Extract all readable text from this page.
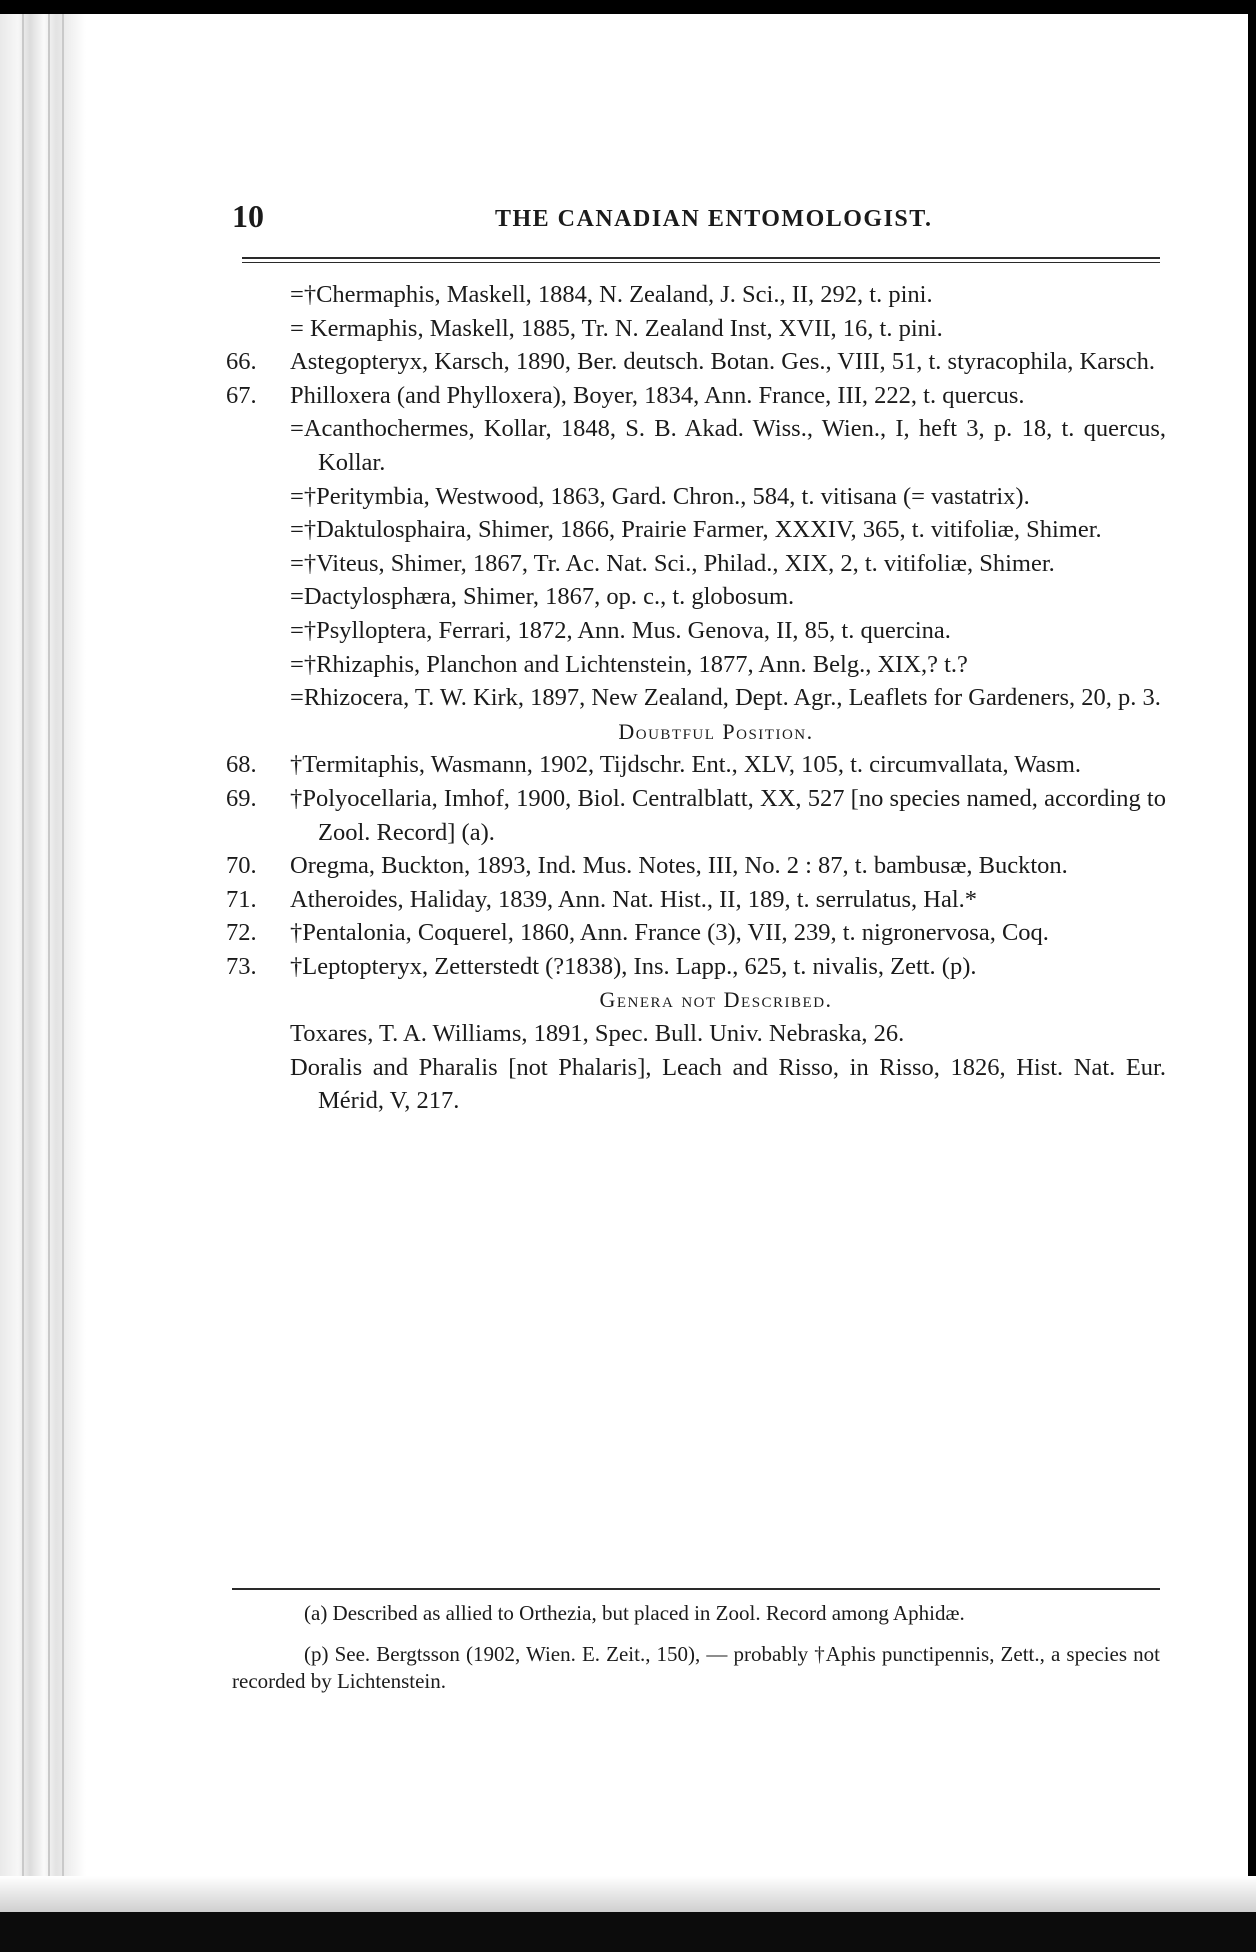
10	THE CANADIAN ENTOMOLOGIST.
=†Chermaphis, Maskell, 1884, N. Zealand, J. Sci., II, 292, t. pini.
= Kermaphis, Maskell, 1885, Tr. N. Zealand Inst, XVII, 16, t. pini.
66.	Astegopteryx, Karsch, 1890, Ber. deutsch. Botan. Ges., VIII, 51, t. styracophila, Karsch.
67.	Philloxera (and Phylloxera), Boyer, 1834, Ann. France, III, 222, t. quercus.
=Acanthochermes, Kollar, 1848, S. B. Akad. Wiss., Wien., I, heft 3, p. 18, t. quercus, Kollar.
=†Peritymbia, Westwood, 1863, Gard. Chron., 584, t. vitisana (= vastatrix).
=†Daktulosphaira, Shimer, 1866, Prairie Farmer, XXXIV, 365, t. vitifoliæ, Shimer.
=†Viteus, Shimer, 1867, Tr. Ac. Nat. Sci., Philad., XIX, 2, t. vitifoliæ, Shimer.
=Dactylosphæra, Shimer, 1867, op. c., t. globosum.
=†Psylloptera, Ferrari, 1872, Ann. Mus. Genova, II, 85, t. quercina.
=†Rhizaphis, Planchon and Lichtenstein, 1877, Ann. Belg., XIX,? t.?
=Rhizocera, T. W. Kirk, 1897, New Zealand, Dept. Agr., Leaflets for Gardeners, 20, p. 3.
Doubtful Position.
68.	†Termitaphis, Wasmann, 1902, Tijdschr. Ent., XLV, 105, t. circumvallata, Wasm.
69.	†Polyocellaria, Imhof, 1900, Biol. Centralblatt, XX, 527 [no species named, according to Zool. Record] (a).
70.	Oregma, Buckton, 1893, Ind. Mus. Notes, III, No. 2 : 87, t. bambusæ, Buckton.
71.	Atheroides, Haliday, 1839, Ann. Nat. Hist., II, 189, t. serrulatus, Hal.*
72.	†Pentalonia, Coquerel, 1860, Ann. France (3), VII, 239, t. nigronervosa, Coq.
73.	†Leptopteryx, Zetterstedt (?1838), Ins. Lapp., 625, t. nivalis, Zett. (p).
Genera not Described.
Toxares, T. A. Williams, 1891, Spec. Bull. Univ. Nebraska, 26.
Doralis and Pharalis [not Phalaris], Leach and Risso, in Risso, 1826, Hist. Nat. Eur. Mérid, V, 217.

(a) Described as allied to Orthezia, but placed in Zool. Record among Aphidæ.

(p) See. Bergtsson (1902, Wien. E. Zeit., 150), — probably †Aphis punctipennis, Zett., a species not recorded by Lichtenstein.
